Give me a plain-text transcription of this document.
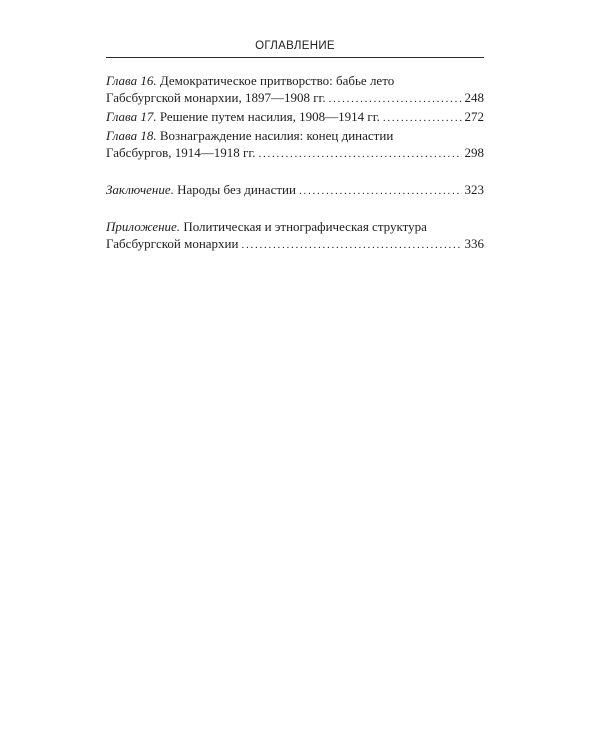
ОГЛАВЛЕНИЕ
Глава 16. Демократическое притворство: бабье лето
Габсбургской монархии, 1897—1908 гг. . . .	248
Глава 17. Решение путем насилия, 1908—1914 гг. . . .	272
Глава 18. Вознаграждение насилия: конец династии
Габсбургов, 1914—1918 гг. . . .	298
Заключение. Народы без династии . . .	323
Приложение. Политическая и этнографическая структура
Габсбургской монархии . . .	336
